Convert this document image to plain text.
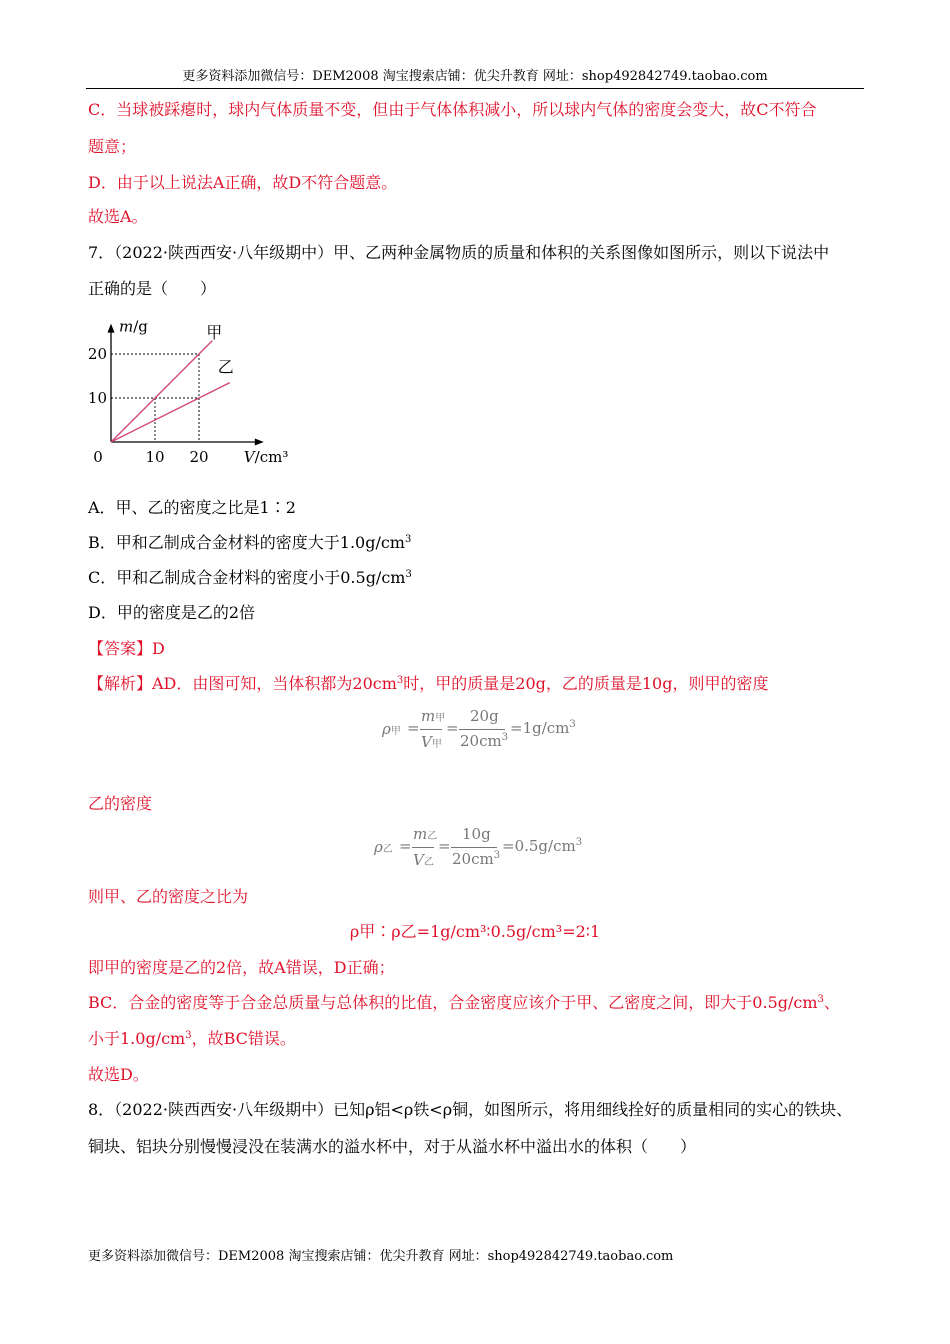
更多资料添加微信号：DEM2008 淘宝搜索店铺：优尖升教育 网址：shop492842749.taobao.com
C．当球被踩瘪时，球内气体质量不变，但由于气体体积减小，所以球内气体的密度会变大，故C不符合
题意；
D．由于以上说法A正确，故D不符合题意。
故选A。
7．（2022·陕西西安·八年级期中）甲、乙两种金属物质的质量和体积的关系图像如图所示，则以下说法中
正确的是（　　）
甲
乙
10 20
10
20
0	V/cm³
m/g
A．甲、乙的密度之比是1∶2
B．甲和乙制成合金材料的密度大于$1.0g/cm^3$
C．甲和乙制成合金材料的密度小于$0.5g/cm^3$
D．甲的密度是乙的2倍
【答案】D
【解析】AD．由图可知，当体积都为$20cm^3$时，甲的质量是20g，乙的质量是10g，则甲的密度
ρ甲 =
m甲
V甲
=
20g
$20cm^3$
$=1g/cm^3$
乙的密度
ρ乙 =
m乙
V乙
=
10g
$20cm^3$
$=0.5g/cm^3$
则甲、乙的密度之比为
ρ甲∶ρ乙=1g/cm³∶0.5g/cm³=2∶1
即甲的密度是乙的2倍，故A错误，D正确；
BC．合金的密度等于合金总质量与总体积的比值，合金密度应该介于甲、乙密度之间，即大于$0.5g/cm^3$、
小于$1.0g/cm^3$，故BC错误。
故选D。
8．（2022·陕西西安·八年级期中）已知ρ铝<ρ铁<ρ铜，如图所示，将用细线拴好的质量相同的实心的铁块、
铜块、铝块分别慢慢浸没在装满水的溢水杯中，对于从溢水杯中溢出水的体积（　　）
更多资料添加微信号：DEM2008 淘宝搜索店铺：优尖升教育 网址：shop492842749.taobao.com
